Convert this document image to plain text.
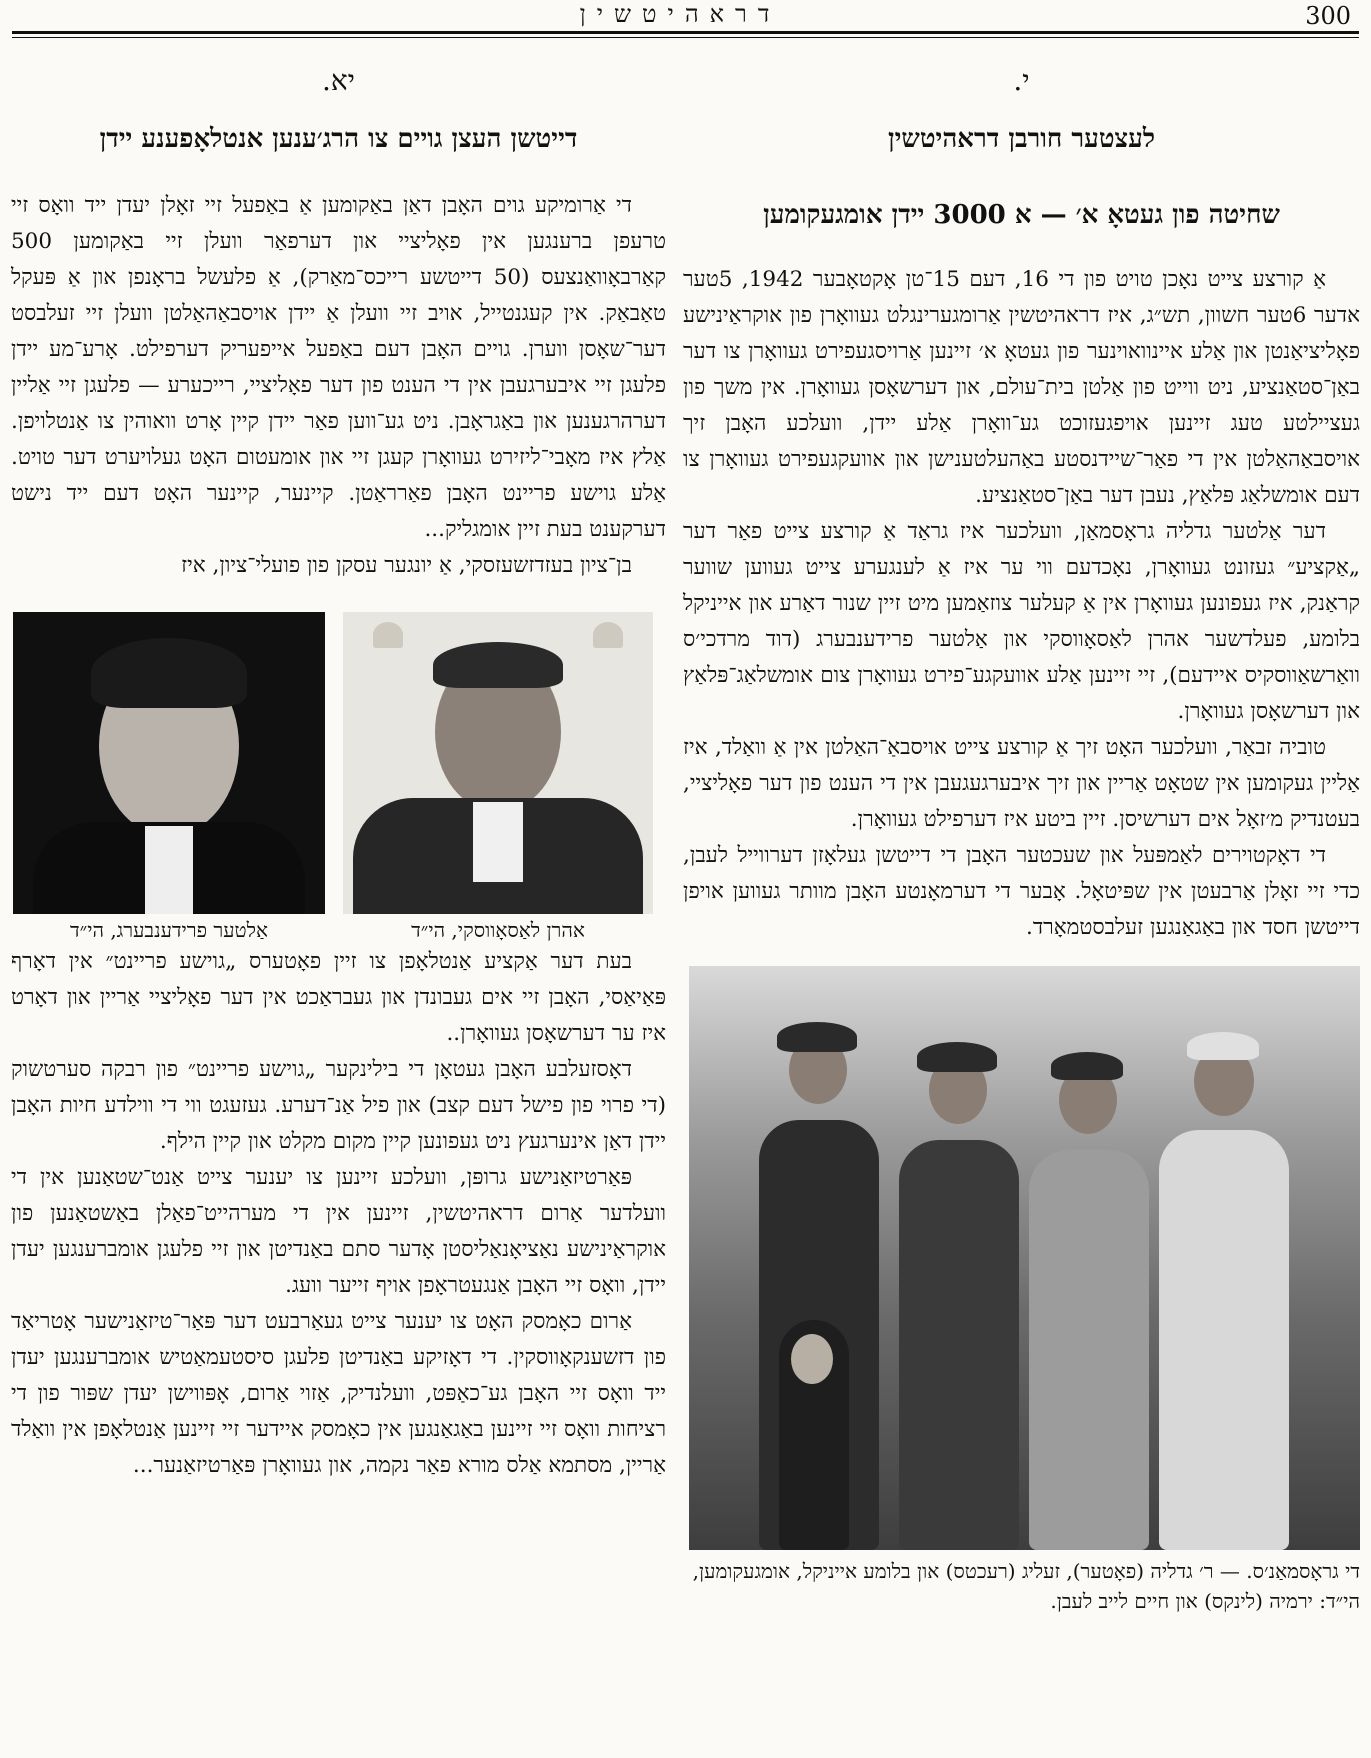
דראהיטשין	300
י.
לעצטער חורבן דראהיטשין
שחיטה פון געטאָ א׳ — א 3000 יידן אומגעקומען

אַ קורצע צייט נאָכן טויט פון די 16, דעם 15־טן אָקטאָבער 1942, 5טער אדער 6טער חשוון, תש״ג, איז דראהיטשין אַרומגערינגלט געוואָרן פון אוקראַינישע פאָליציאַנטן און אַלע איינוואוינער פון געטאָ א׳ זיינען אַרויסגעפירט געוואָרן צו דער באַן־סטאַנציע, ניט ווייט פון אַלטן בית־עולם, און דערשאָסן געוואָרן. אין משך פון געציילטע טעג זיינען אויפגעזוכט גע־וואָרן אַלע יידן, וועלכע האָבן זיך אויסבאַהאַלטן אין די פאַר־שיידנסטע באַהעלטענישן און אוועקגעפירט געוואָרן צו דעם אומשלאַג פּלאַץ, נעבן דער באַן־סטאַנציע.

דער אַלטער גדליה גראָסמאַן, וועלכער איז גראַד אַ קורצע צייט פאַר דער „אַקציע״ געזונט געוואָרן, נאָכדעם ווי ער איז אַ לענגערע צייט געווען שווער קראַנק, איז געפונען געוואָרן אין אַ קעלער צוזאַמען מיט זיין שנור דאַרע און אייניקל בלומע, פעלדשער אהרן לאַסאָווסקי און אַלטער פרידענבערג (דוד מרדכי׳ס וואַרשאַווסקיס איידעם), זיי זיינען אַלע אוועקגע־פירט געוואָרן צום אומשלאַג־פּלאַץ און דערשאָסן געוואָרן.

טוביה זבאַר, וועלכער האָט זיך אַ קורצע צייט אויסבאַ־האַלטן אין אַ וואַלד, איז אַליין געקומען אין שטאָט אַריין און זיך איבערגעגעבן אין די הענט פון דער פאָליציי, בעטנדיק מ׳זאָל אים דערשיסן. זיין ביטע איז דערפילט געוואָרן.

די דאָקטוירים לאַמפּעל און שעכטער האָבן די דייטשן געלאָזן דערווייל לעבן, כדי זיי זאָלן אַרבעטן אין שפּיטאָל. אָבער די דערמאָנטע האָבן מוותר געווען אויפן דייטשן חסד און באַגאַנגען זעלבסטמאָרד.

די גראָסמאַנ׳ס. — ר׳ גדליה (פאָטער), זעליג (רעכטס) און בלומע אייניקל, אומגעקומען, הי״ד: ירמיה (לינקס) און חיים לייב לעבן.

יא.
דייטשן העצן גויים צו הרג׳ענען אנטלאָפענע יידן

די אַרומיקע גוים האָבן דאַן באַקומען אַ באַפעל זיי זאָלן יעדן ייד וואָס זיי טרעפן ברענגען אין פאָליציי און דערפאַר וועלן זיי באַקומען 500 קאַרבאָוואַנצעס (50 דייטשע רייכס־מאַרק), אַ פלעשל בראָנפן און אַ פּעקל טאַבאַק. אין קעגנטייל, אויב זיי וועלן אַ יידן אויסבאַהאַלטן וועלן זיי זעלבסט דער־שאָסן ווערן. גויים האָבן דעם באַפעל אייפעריק דערפילט. אָרע־מע יידן פלעגן זיי איבערגעבן אין די הענט פון דער פאָליציי, רייכערע — פלעגן זיי אַליין דערהרגענען און באַגראָבן. ניט גע־ווען פאַר יידן קיין אָרט וואוהין צו אַנטלויפן. אַלץ איז מאָבי־ליזירט געוואָרן קעגן זיי און אומעטום האָט געלויערט דער טויט. אַלע גוישע פריינט האָבן פאַרראַטן. קיינער, קיינער האָט דעם ייד נישט דערקענט בעת זיין אומגליק...

בן־ציון בעזדזשעזסקי, אַ יונגער עסקן פון פועלי־ציון, איז

אַלטער פרידענבערג, הי״ד	אהרן לאַסאָווסקי, הי״ד

בעת דער אַקציע אַנטלאָפן צו זיין פאָטערס „גוישע פריינט״ אין דאָרף פּאַיאַסי, האָבן זיי אים געבונדן און געבראַכט אין דער פאָליציי אַריין און דאָרט איז ער דערשאָסן געוואָרן..

דאָסזעלבע האָבן געטאָן די בילינקער „גוישע פריינט״ פון רבקה סערטשוק (די פרוי פון פישל דעם קצב) און פיל אַנ־דערע. געזעגט ווי די ווילדע חיות האָבן יידן דאַן אינערגעץ ניט געפונען קיין מקום מקלט און קיין הילף.

פּאַרטיזאַנישע גרופּן, וועלכע זיינען צו יענער צייט אַנט־שטאַנען אין די וועלדער אַרום דראהיטשין, זיינען אין די מערהייט־פאַלן באַשטאַנען פון אוקראַינישע נאַציאָנאַליסטן אָדער סתם באַנדיטן און זיי פלעגן אומברענגען יעדן יידן, וואָס זיי האָבן אַנגעטראָפן אויף זייער וועג.

אַרום כאָמסק האָט צו יענער צייט געאַרבעט דער פּאַר־טיזאַנישער אָטריאַד פון דזשענקאָווסקין. די דאָזיקע באַנדיטן פלעגן סיסטעמאַטיש אומברענגען יעדן ייד וואָס זיי האָבן גע־כאַפּט, וועלנדיק, אַזוי אַרום, אָפּווישן יעדן שפּור פון די רציחות וואָס זיי זיינען באַגאַנגען אין כאָמסק איידער זיי זיינען אַנטלאָפן אין וואַלד אַריין, מסתמא אַלס מורא פאַר נקמה, און געוואָרן פּאַרטיזאַנער...
